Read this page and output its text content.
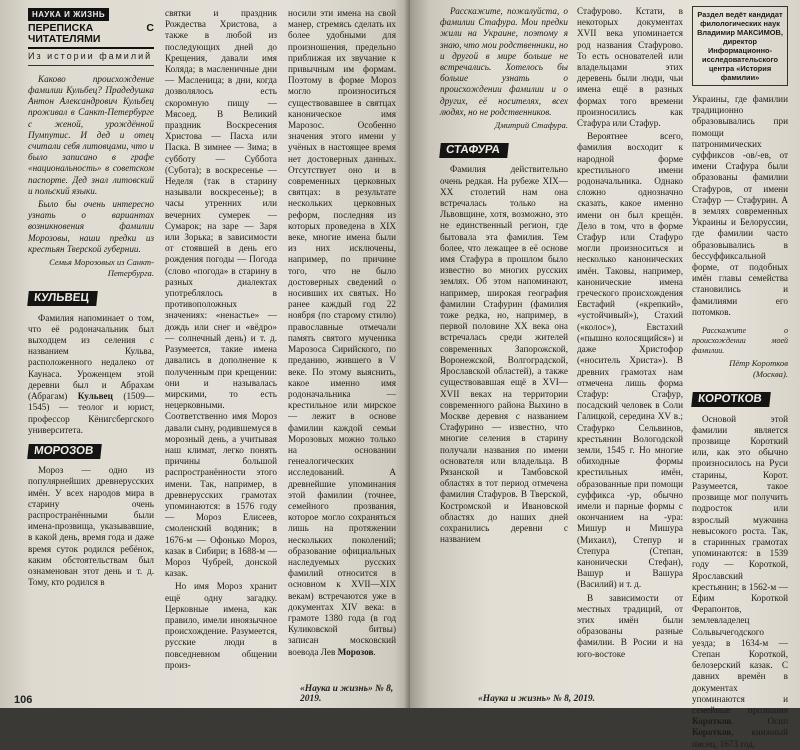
НАУКА И ЖИЗНЬ
ПЕРЕПИСКА С ЧИТАТЕЛЯМИ
Из истории фамилий

Каково происхождение фамилии Кульбец? Прадедушка Антон Александрович Кульбец проживал в Санкт-Петербурге с женой, урождённой Пумпутис. И дед и отец считали себя литовцами, что и было записано в графе «национальность» в советском паспорте. Дед знал литовский и польский языки.

Было бы очень интересно узнать о вариантах возникновения фамилии Морозовы, наши предки из крестьян Тверской губернии.

Семья Морозовых из Санкт-Петербурга.
КУЛЬВЕЦ

Фамилия напоминает о том, что её родоначальник был выходцем из селения с названием Кульва, расположенного недалеко от Каунаса. Уроженцем этой деревни был и Абрахам (Абрагам) Кульвец (1509—1545) — теолог и юрист, профессор Кёнигсбергского университета.

МОРОЗОВ

Мороз — одно из популярнейших древнерусских имён. У всех народов мира в старину очень распространёнными были имена-прозвища, указывавшие, в какой день, время года и даже время суток родился ребёнок, каким обстоятельствам был ознаменован этот день и т. д. Тому, кто родился в

святки и праздник Рождества Христова, а также в любой из последующих дней до Крещения, давали имя Коляда; в масленичные дни — Масленица; в дни, когда дозволялось есть скоромную пищу — Мясоед. В Великий праздник Воскресения Христова — Пасха или Паска. В зимнее — Зима; в субботу — Суббота (Субота); в воскресенье — Неделя (так в старину называли воскресенье); в часы утренних или вечерних сумерек — Сумарок; на заре — Заря или Зорька; в зависимости от стоявшей в день его рождения погоды — Погода (слово «погода» в старину в разных диалектах употреблялось в противоположных значениях: «ненастье» — дождь или снег и «вёдро» — солнечный день) и т. д. Разумеется, такие имена давались в дополнение к полученным при крещении: они и называлась мирскими, то есть нецерковными. Соответственно имя Мороз давали сыну, родившемуся в морозный день, а учитывая наш климат, легко понять причины большой распространённости этого имени. Так, например, в древнерусских грамотах упоминаются: в 1576 году — Мороз Елисеев, смоленский водяник; в 1676-м — Офонько Мороз, казак в Сибири; в 1688-м — Мороз Чубрей, донской казак.

Но имя Мороз хранит ещё одну загадку. Церковные имена, как правило, имели иноязычное происхождение. Разумеется, русские люди в повседневном общении произ-

носили эти имена на свой манер, стремясь сделать их более удобными для произношения, предельно приближая их звучание к привычным им формам. Поэтому в форме Мороз могло произноситься существовавшее в святцах каноническое имя Марозос. Особенно значения этого имени у учёных в настоящее время нет достоверных данных. Отсутствует оно и в современных церковных святцах: в результате нескольких церковных реформ, последняя из которых проведена в XIX веке, многие имена были из них исключены, например, по причине того, что не было достоверных сведений о носивших их святых. Но ранее каждый год 22 ноября (по старому стилю) православные отмечали память святого мученика Марозоса Сирийского, по преданию, жившего в V веке. По этому выяснить, какое именно имя родоначальника — крестильное или мирское — лежит в основе фамилии каждой семьи Морозовых можно только на основании генеалогических исследований. А древнейшие упоминания этой фамилии (точнее, семейного прозвания, которое могло сохраняться лишь на протяжении нескольких поколений; образование официальных наследуемых русских фамилий относится в основном к XVII—XIX векам) встречаются уже в документах XIV века: в грамоте 1380 года (в год Куликовской битвы) записан московский воевода Лев Морозов.

«Наука и жизнь» № 8, 2019.
106

Расскажите, пожалуйста, о фамилии Стафура. Мои предки жили на Украине, поэтому я знаю, что мои родственники, но и другой в мире больше не встречались. Хотелось бы больше узнать о происхождении фамилии и о других, её носителях, всех людях, но не родственников.

Дмитрий Стафура.
СТАФУРА

Фамилия действительно очень редкая. На рубеже XIX—XX столетий нам она встречалась только на Львовщине, хотя, возможно, это не единственный регион, где бытовала эта фамилия. Тем более, что лежащее в её основе имя Стафура в прошлом было известно во многих русских землях. Об этом напоминают, например, широкая география фамилии Стафурин (фамилия тоже редка, но, например, в первой половине XX века она встречалась среди жителей современных Запорожской, Воронежской, Волгоградской, Ярославской областей), а также существовавшая ещё в XVI—XVII веках на территории современного района Выхино в Москве деревня с названием Стафурино — известно, что многие селения в старину получали названия по имени основателя или владельца. В Рязанской и Тамбовской областях в тот период отмечена фамилия Стафуров. В Тверской, Костромской и Ивановской областях до наших дней сохранились деревни с названием

Стафурово. Кстати, в некоторых документах XVII века упоминается род названия Стафурово. То есть основателей или владельцами этих деревень были люди, чьи имена ещё в разных формах того времени произносились как Стафура или Стафур.

Вероятнее всего, фамилия восходит к народной форме крестильного имени родоначальника. Однако сложно однозначно сказать, какое именно имени он был крещён. Дело в том, что в форме Стафур или Стафуро могли произноситься и несколько канонических имён. Таковы, например, канонические имена греческого происхождения Евстафий («крепкий», «устойчивый»), Стахий («колос»), Евстахий («пышно колосящийся») и даже Христофор («носитель Христа»). В древних грамотах нам отмечена лишь форма Стафур: Стафур, посадский человек в Соли Галицкой, середина XV в.; Стафурко Сельвинов, крестьянин Вологодской земли, 1545 г. Но многие обиходные формы крестильных имён, образованные при помощи суффикса -ур, обычно имели и парные формы с окончанием на -ура: Мишур и Мишура (Михаил), Степур и Степура (Степан, канонически Стефан), Вашур и Вашура (Василий) и т. д.

В зависимости от местных традиций, от этих имён были образованы разные фамилии. В Росии и на юго-востоке

Раздел ведёт кандидат филологических наук Владимир МАКСИМОВ, директор Информационно-исследовательского центра «История фамилии»

Украины, где фамилии традиционно образовывались при помощи патронимических суффиксов -ов/-ев, от имени Стафура были образованы фамилии Стафуров, от имени Стафур — Стафурин. А в землях современных Украины и Белоруссии, где фамилии часто образовывались в бессуффиксальной форме, от подобных имён главы семейства становились и фамилиями его потомков.

Расскажите о происхождении моей фамилии.

Пётр Коротков (Москва).
КОРОТКОВ

Основой этой фамилии является прозвище Короткий или, как это обычно произносилось на Руси старины, Корот. Разумеется, такое прозвище мог получить подросток или взрослый мужчина невысокого роста. Так, в старинных грамотах упоминаются: в 1539 году — Короткой, Ярославский крестьянин; в 1562-м — Ефим Короткой Ферапонтов, землевладелец Сольвычегодского уезда; в 1634-м — Степан Короткой, белозерский казак. С давних времён в документах упоминаются и семейные прозвания Коротков. Осип Коротков, книжный писец, 1673 год.

«Наука и жизнь» № 8, 2019.
